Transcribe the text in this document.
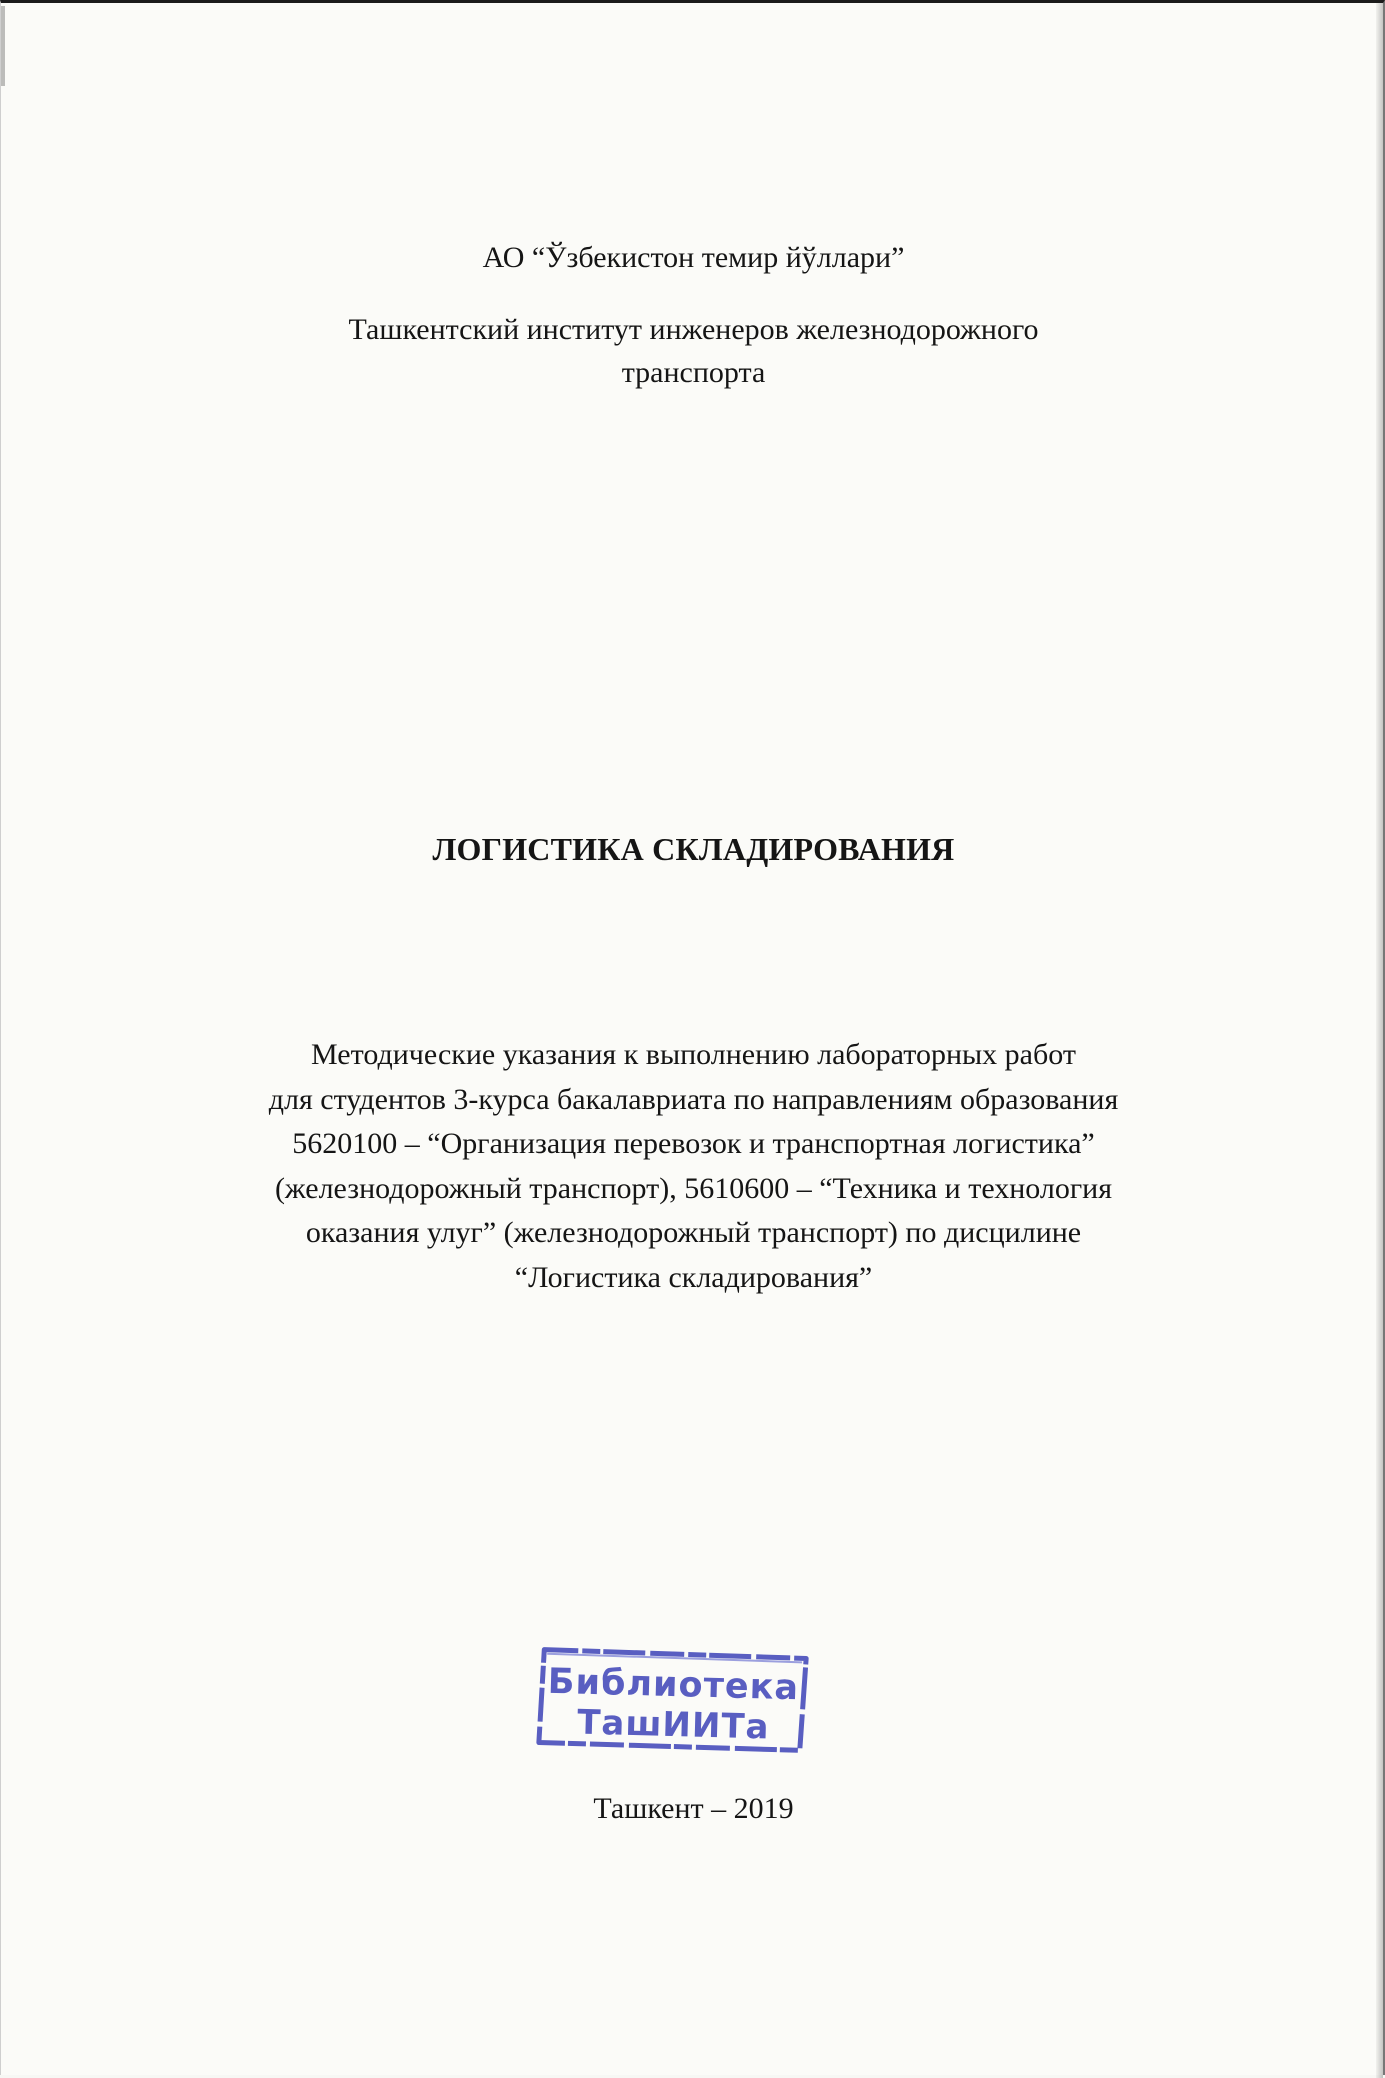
АО “Ўзбекистон темир йўллари”
Ташкентский институт инженеров железнодорожного
транспорта
ЛОГИСТИКА СКЛАДИРОВАНИЯ
Методические указания к выполнению лабораторных работ
для студентов 3-курса бакалавриата по направлениям образования
5620100 – “Организация перевозок и транспортная логистика”
(железнодорожный транспорт), 5610600 – “Техника и технология
оказания улуг” (железнодорожный транспорт) по дисцилине
“Логистика складирования”
Библиотека
ТашИИТа
Ташкент – 2019
